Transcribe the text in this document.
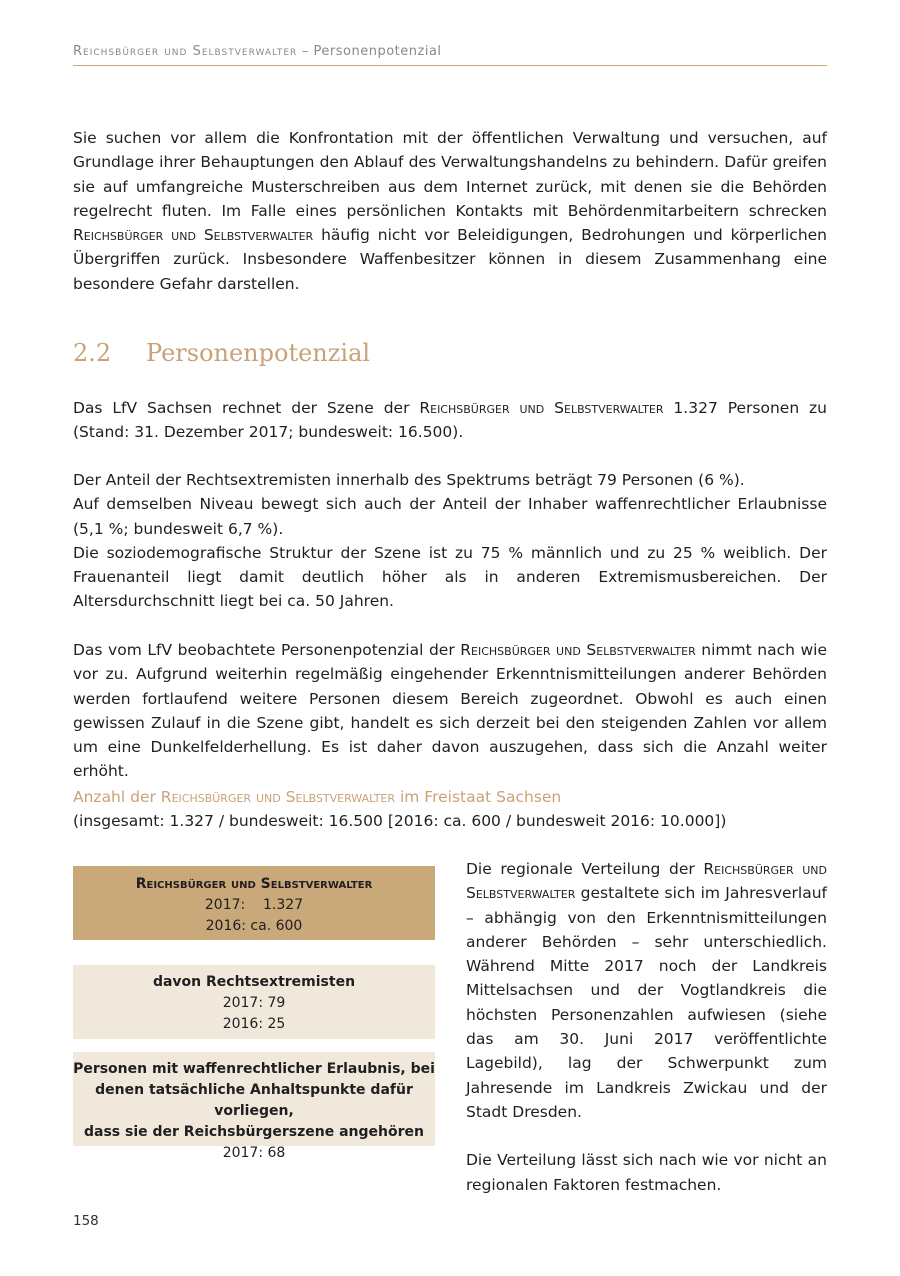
Reichsbürger und Selbstverwalter – Personenpotenzial

Sie suchen vor allem die Konfrontation mit der öffentlichen Verwaltung und versuchen, auf Grundlage ihrer Behauptungen den Ablauf des Verwaltungshandelns zu behindern. Dafür greifen sie auf umfangreiche Musterschreiben aus dem Internet zurück, mit denen sie die Behörden regelrecht fluten. Im Falle eines persönlichen Kontakts mit Behördenmitarbeitern schrecken Reichsbürger und Selbstverwalter häufig nicht vor Beleidigungen, Bedrohungen und körperlichen Übergriffen zurück. Insbesondere Waffenbesitzer können in diesem Zusammenhang eine besondere Gefahr darstellen.

2.2 Personenpotenzial

Das LfV Sachsen rechnet der Szene der Reichsbürger und Selbstverwalter 1.327 Personen zu (Stand: 31. Dezember 2017; bundesweit: 16.500).

Der Anteil der Rechtsextremisten innerhalb des Spektrums beträgt 79 Personen (6 %).
Auf demselben Niveau bewegt sich auch der Anteil der Inhaber waffenrechtlicher Erlaubnisse (5,1 %; bundesweit 6,7 %).
Die soziodemografische Struktur der Szene ist zu 75 % männlich und zu 25 % weiblich. Der Frauenanteil liegt damit deutlich höher als in anderen Extremismusbereichen. Der Altersdurchschnitt liegt bei ca. 50 Jahren.

Das vom LfV beobachtete Personenpotenzial der Reichsbürger und Selbstverwalter nimmt nach wie vor zu. Aufgrund weiterhin regelmäßig eingehender Erkenntnismitteilungen anderer Behörden werden fortlaufend weitere Personen diesem Bereich zugeordnet. Obwohl es auch einen gewissen Zulauf in die Szene gibt, handelt es sich derzeit bei den steigenden Zahlen vor allem um eine Dunkelfelderhellung. Es ist daher davon auszugehen, dass sich die Anzahl weiter erhöht.

Anzahl der Reichsbürger und Selbstverwalter im Freistaat Sachsen
(insgesamt: 1.327 / bundesweit: 16.500 [2016: ca. 600 / bundesweit 2016: 10.000])
Reichsbürger und Selbstverwalter
2017:    1.327
2016: ca. 600
davon Rechtsextremisten
2017: 79
2016: 25
Personen mit waffenrechtlicher Erlaubnis, bei
denen tatsächliche Anhaltspunkte dafür vorliegen,
dass sie der Reichsbürgerszene angehören
2017: 68

Die regionale Verteilung der Reichsbürger und Selbstverwalter gestaltete sich im Jahresverlauf – abhängig von den Erkenntnismitteilungen anderer Behörden – sehr unterschiedlich. Während Mitte 2017 noch der Landkreis Mittelsachsen und der Vogtlandkreis die höchsten Personenzahlen aufwiesen (siehe das am 30. Juni 2017 veröffentlichte Lagebild), lag der Schwerpunkt zum Jahresende im Landkreis Zwickau und der Stadt Dresden.

Die Verteilung lässt sich nach wie vor nicht an regionalen Faktoren festmachen.

158
